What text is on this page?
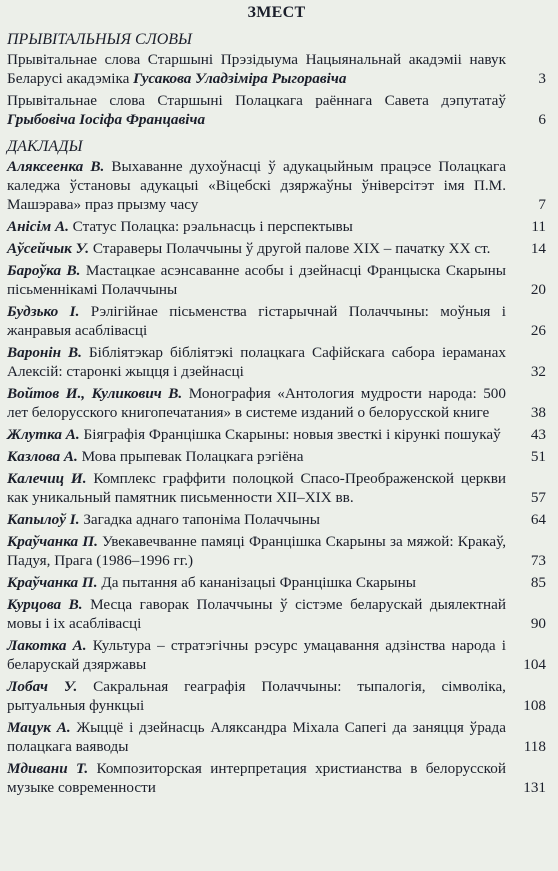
ЗМЕСТ
ПРЫВІТАЛЬНЫЯ СЛОВЫ
Прывітальнае слова Старшыні Прэзідыума Нацыянальнай акадэміі навук Беларусі акадэміка Гусакова Уладзіміра Рыгоравіча	3
Прывітальнае слова Старшыні Полацкага раённага Савета дэпутатаў Грыбовіча Іосіфа Францавіча	6
ДАКЛАДЫ
Аляксеенка В. Выхаванне духоўнасці ў адукацыйным працэсе Полацкага каледжа ўстановы адукацыі «Віцебскі дзяржаўны ўніверсітэт імя П.М. Машэрава» праз прызму часу	7
Анісім А. Статус Полацка: рэальнасць і перспектывы	11
Аўсейчык У. Стараверы Полаччыны ў другой палове XIX – пачатку XX ст.	14
Бароўка В. Мастацкае асэнсаванне асобы і дзейнасці Францыска Скарыны пісьменнікамі Полаччыны	20
Будзько І. Рэлігійнае пісьменства гістарычнай Полаччыны: моўныя і жанравыя асаблівасці	26
Варонін В. Бібліятэкар бібліятэкі полацкага Сафійскага сабора іераманах Алексій: старонкі жыцця і дзейнасці	32
Войтов И., Куликович В. Монография «Антология мудрости народа: 500 лет белорусского книгопечатания» в системе изданий о белорусской книге	38
Жлутка А. Біяграфія Францішка Скарыны: новыя звесткі і кірункі пошукаў	43
Казлова А. Мова прыпевак Полацкага рэгіёна	51
Калечиц И. Комплекс граффити полоцкой Спасо-Преображенской церкви как уникальный памятник письменности XII–XIX вв.	57
Капылоў І. Загадка аднаго тапоніма Полаччыны	64
Краўчанка П. Увекавечванне памяці Францішка Скарыны за мяжой: Кракаў, Падуя, Прага (1986–1996 гг.)	73
Краўчанка П. Да пытання аб кананізацыі Францішка Скарыны	85
Курцова В. Месца гаворак Полаччыны ў сістэме беларускай дыялектнай мовы і іх асаблівасці	90
Лакотка А. Культура – стратэгічны рэсурс умацавання адзінства народа і беларускай дзяржавы	104
Лобач У. Сакральная геаграфія Полаччыны: тыпалогія, сімволіка, рытуальныя функцыі	108
Мацук А. Жыццё і дзейнасць Аляксандра Міхала Сапегі да заняцця ўрада полацкага ваяводы	118
Мдивани Т. Композиторская интерпретация христианства в белорусской музыке современности	131
